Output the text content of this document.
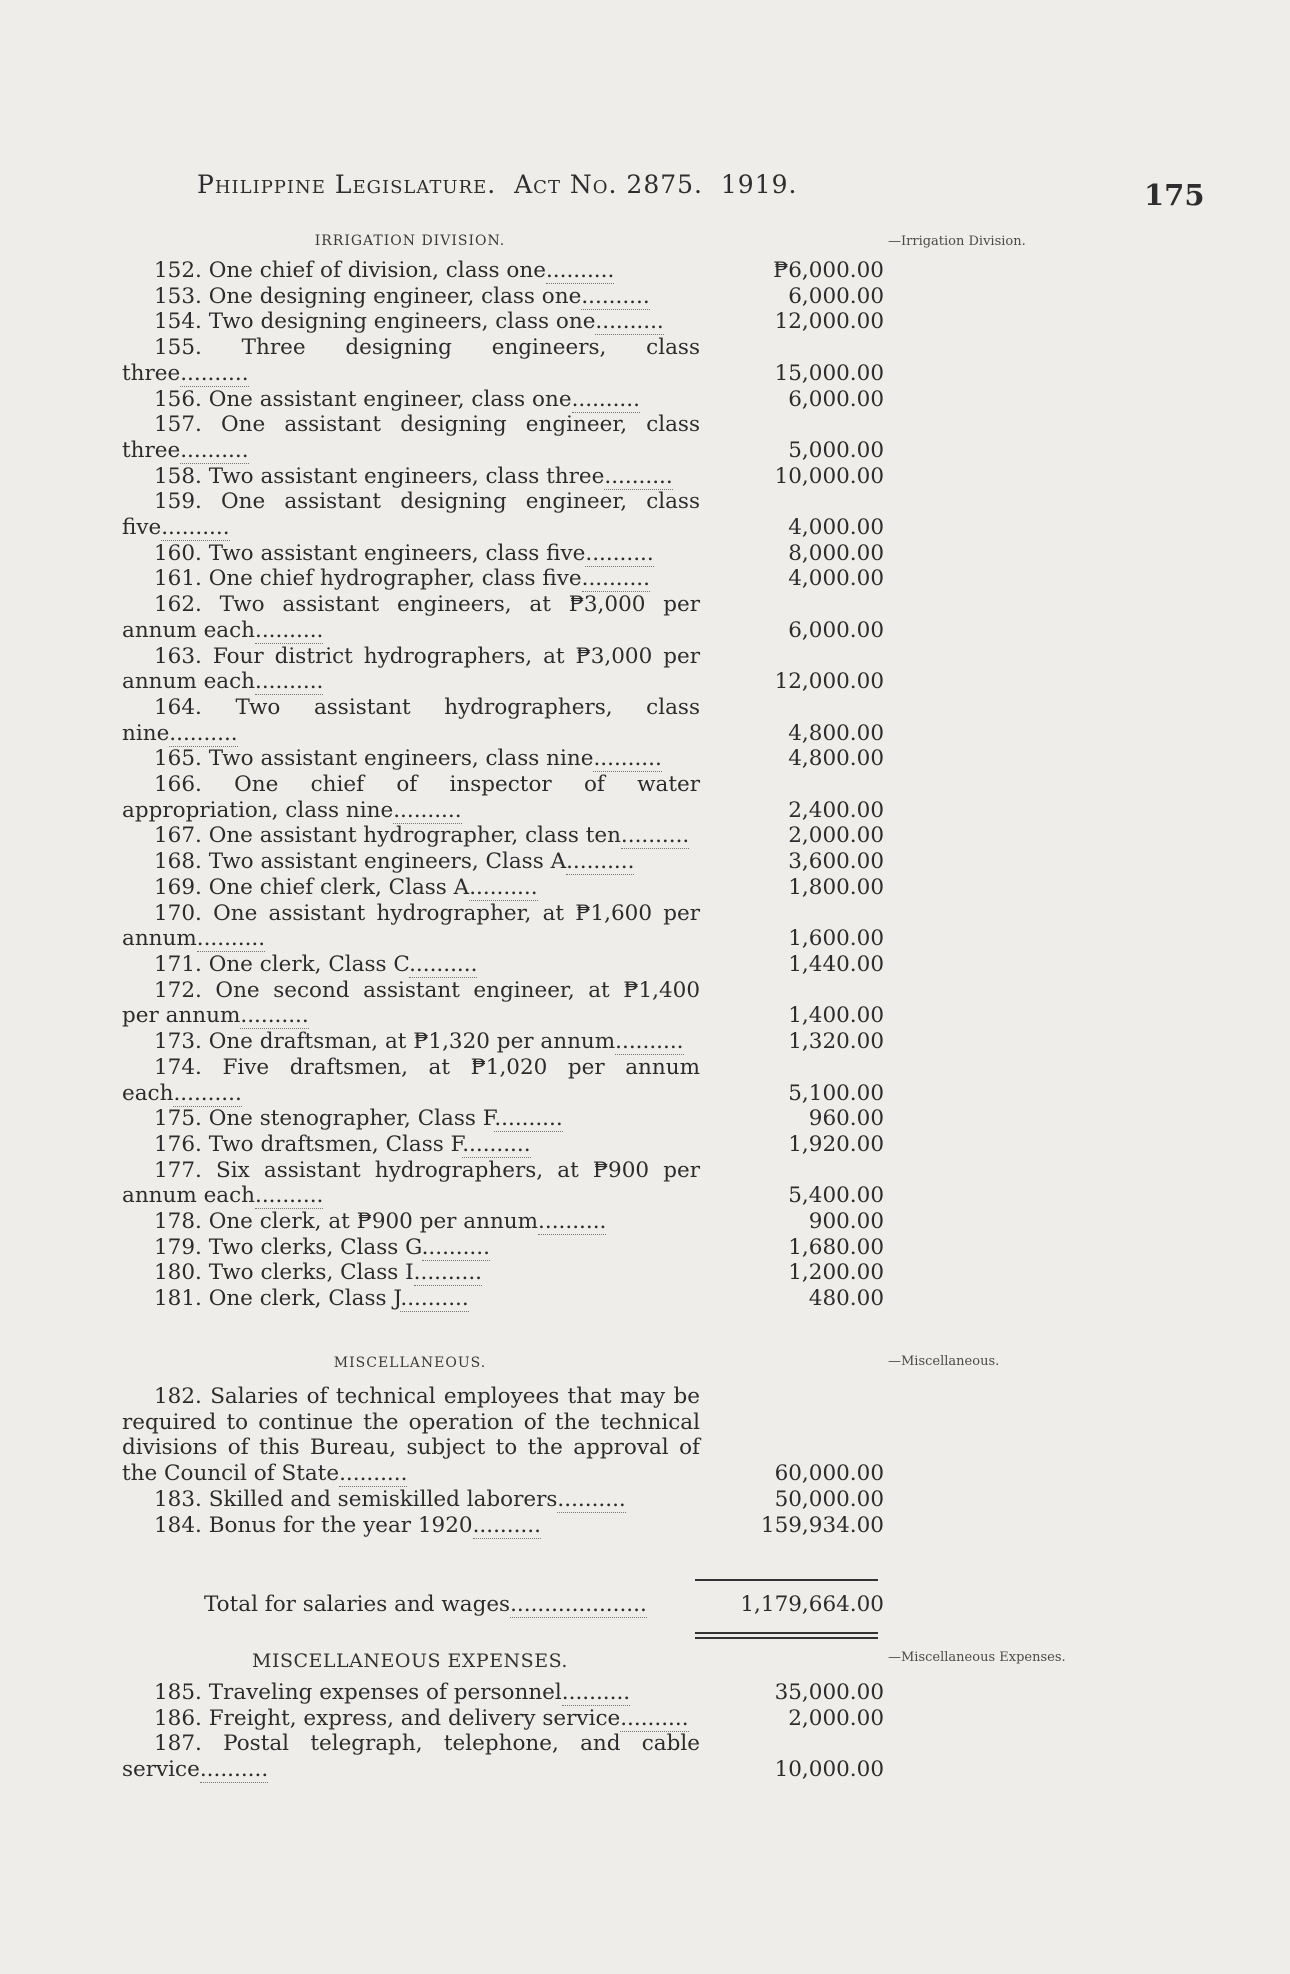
Philippine Legislature. Act No. 2875. 1919.	175
IRRIGATION DIVISION.	—Irrigation Division.
152. One chief of division, class one..........	₱6,000.00
153. One designing engineer, class one..........	6,000.00
154. Two designing engineers, class one..........	12,000.00
155. Three designing engineers, class three..........	15,000.00
156. One assistant engineer, class one..........	6,000.00
157. One assistant designing engineer, class three..........	5,000.00
158. Two assistant engineers, class three..........	10,000.00
159. One assistant designing engineer, class five..........	4,000.00
160. Two assistant engineers, class five..........	8,000.00
161. One chief hydrographer, class five..........	4,000.00
162. Two assistant engineers, at ₱3,000 per annum each..........	6,000.00
163. Four district hydrographers, at ₱3,000 per annum each..........	12,000.00
164. Two assistant hydrographers, class nine..........	4,800.00
165. Two assistant engineers, class nine..........	4,800.00
166. One chief of inspector of water appropriation, class nine..........	2,400.00
167. One assistant hydrographer, class ten..........	2,000.00
168. Two assistant engineers, Class A..........	3,600.00
169. One chief clerk, Class A..........	1,800.00
170. One assistant hydrographer, at ₱1,600 per annum..........	1,600.00
171. One clerk, Class C..........	1,440.00
172. One second assistant engineer, at ₱1,400 per annum..........	1,400.00
173. One draftsman, at ₱1,320 per annum..........	1,320.00
174. Five draftsmen, at ₱1,020 per annum each..........	5,100.00
175. One stenographer, Class F..........	960.00
176. Two draftsmen, Class F..........	1,920.00
177. Six assistant hydrographers, at ₱900 per annum each..........	5,400.00
178. One clerk, at ₱900 per annum..........	900.00
179. Two clerks, Class G..........	1,680.00
180. Two clerks, Class I..........	1,200.00
181. One clerk, Class J..........	480.00
MISCELLANEOUS.	—Miscellaneous.
182. Salaries of technical employees that may be required to continue the operation of the technical divisions of this Bureau, subject to the approval of the Council of State..........	60,000.00
183. Skilled and semiskilled laborers..........	50,000.00
184. Bonus for the year 1920..........	159,934.00
Total for salaries and wages....................	1,179,664.00
MISCELLANEOUS EXPENSES.	—Miscellaneous Expenses.
185. Traveling expenses of personnel..........	35,000.00
186. Freight, express, and delivery service..........	2,000.00
187. Postal telegraph, telephone, and cable service..........	10,000.00
